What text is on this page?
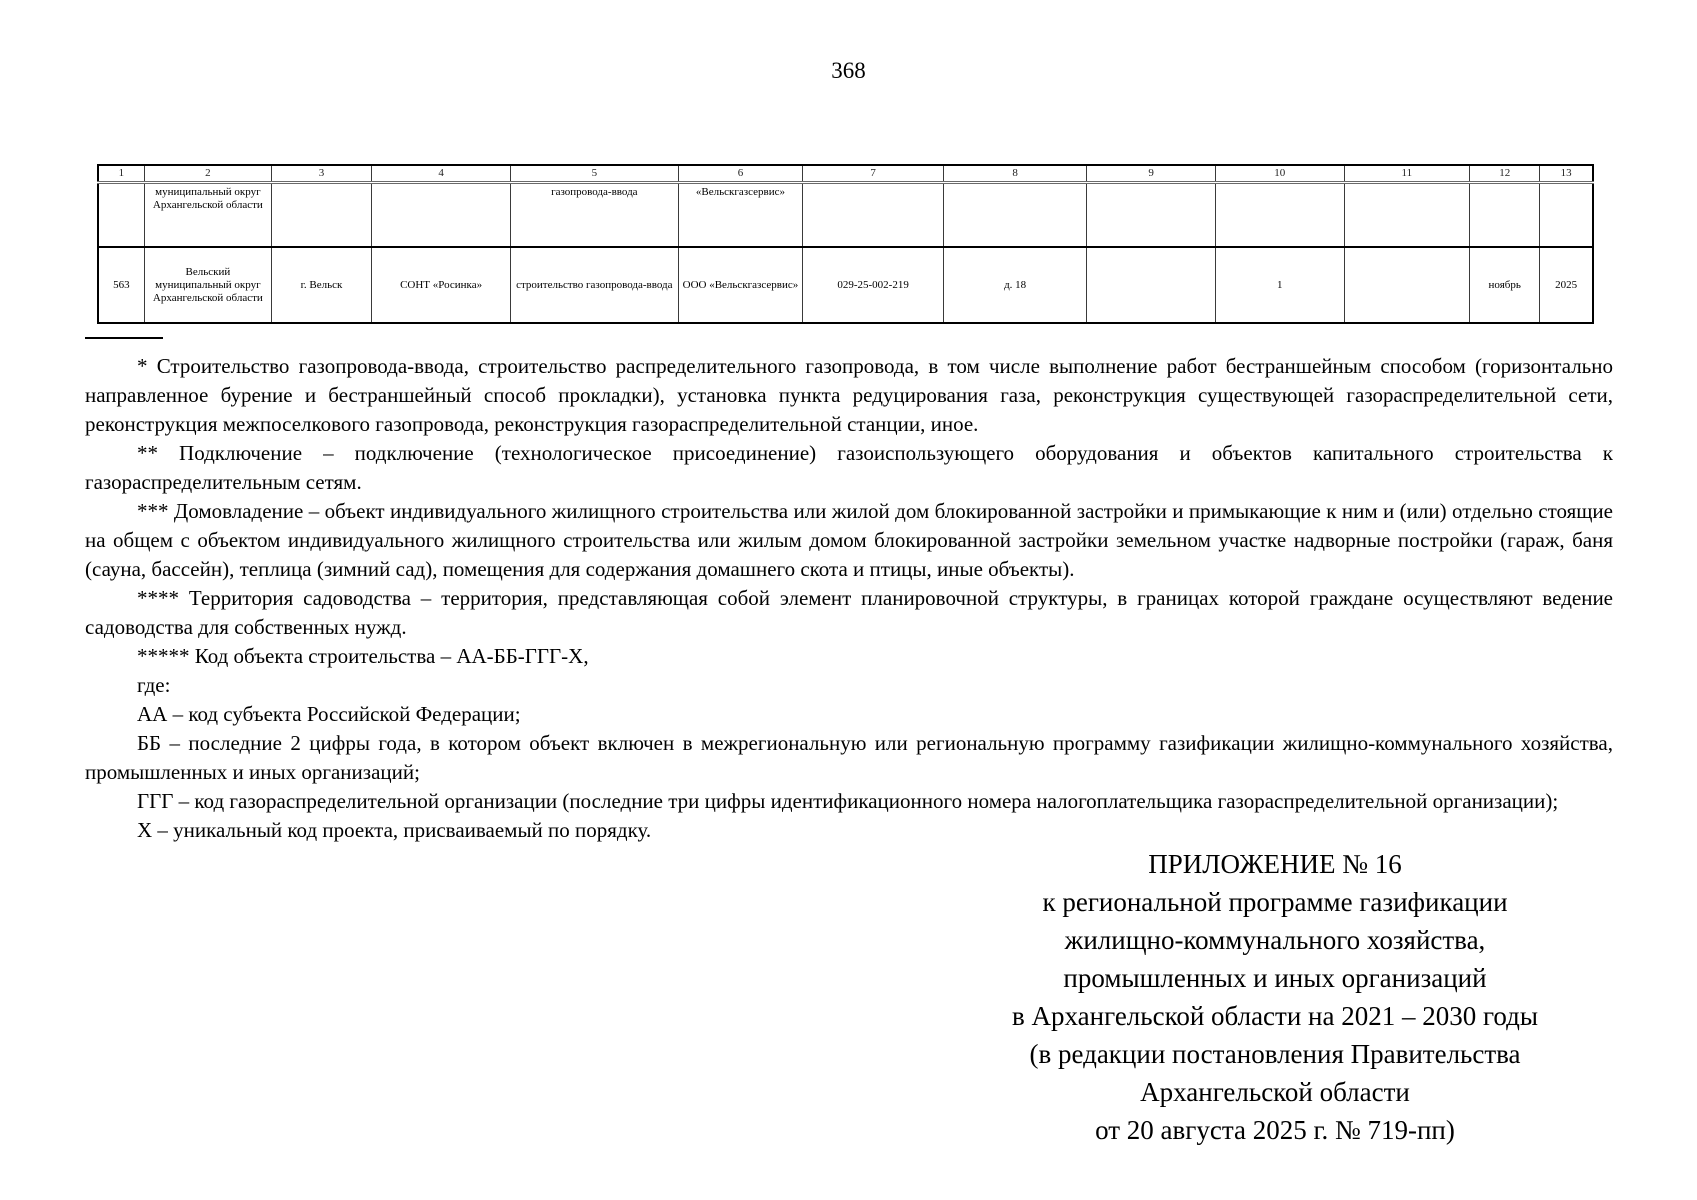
368
1	2	3	4	5	6	7	8	9	10	11	12	13
	муниципальный округ Архангельской области			газопровода-ввода	«Вельскгазсервис»							
563	Вельский муниципальный округ Архангельской области	г. Вельск	СОНТ «Росинка»	строительство газопровода-ввода	ООО «Вельскгазсервис»	029-25-002-219	д. 18		1		ноябрь	2025

* Строительство газопровода-ввода, строительство распределительного газопровода, в том числе выполнение работ бестраншейным способом (горизонтально направленное бурение и бестраншейный способ прокладки), установка пункта редуцирования газа, реконструкция существующей газораспределительной сети, реконструкция межпоселкового газопровода, реконструкция газораспределительной станции, иное.

** Подключение – подключение (технологическое присоединение) газоиспользующего оборудования и объектов капитального строительства к газораспределительным сетям.

*** Домовладение – объект индивидуального жилищного строительства или жилой дом блокированной застройки и примыкающие к ним и (или) отдельно стоящие на общем с объектом индивидуального жилищного строительства или жилым домом блокированной застройки земельном участке надворные постройки (гараж, баня (сауна, бассейн), теплица (зимний сад), помещения для содержания домашнего скота и птицы, иные объекты).

**** Территория садоводства – территория, представляющая собой элемент планировочной структуры, в границах которой граждане осуществляют ведение садоводства для собственных нужд.

***** Код объекта строительства – АА-ББ-ГГГ-Х,

где:

АА – код субъекта Российской Федерации;

ББ – последние 2 цифры года, в котором объект включен в межрегиональную или региональную программу газификации жилищно-коммунального хозяйства, промышленных и иных организаций;

ГГГ – код газораспределительной организации (последние три цифры идентификационного номера налогоплательщика газораспределительной организации);

Х – уникальный код проекта, присваиваемый по порядку.

ПРИЛОЖЕНИЕ № 16
к региональной программе газификации
жилищно-коммунального хозяйства,
промышленных и иных организаций
в Архангельской области на 2021 – 2030 годы
(в редакции постановления Правительства
Архангельской области
от 20 августа 2025 г. № 719-пп)
